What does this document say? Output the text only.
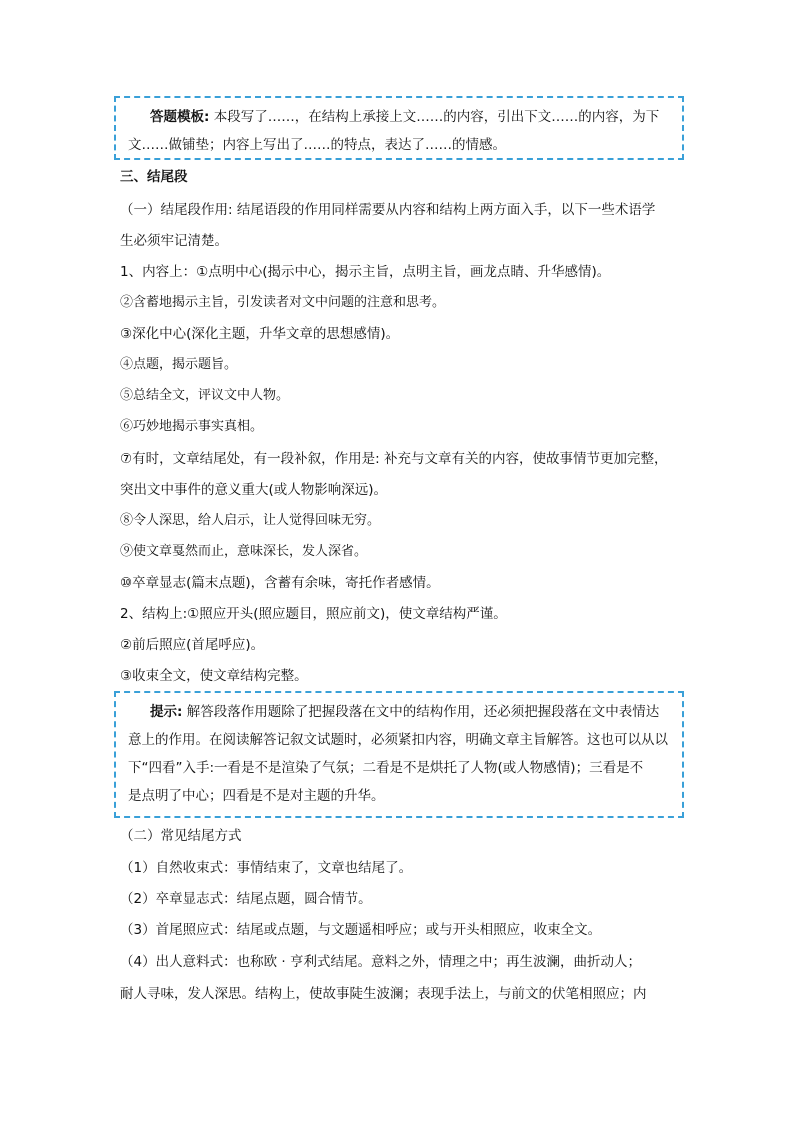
答题模板: 本段写了……，在结构上承接上文……的内容，引出下文……的内容，为下
文……做铺垫；内容上写出了……的特点，表达了……的情感。
三、结尾段
（一）结尾段作用: 结尾语段的作用同样需要从内容和结构上两方面入手，以下一些术语学
生必须牢记清楚。
1、内容上：①点明中心(揭示中心，揭示主旨，点明主旨，画龙点睛、升华感情)。
②含蓄地揭示主旨，引发读者对文中问题的注意和思考。
③深化中心(深化主题，升华文章的思想感情)。
④点题，揭示题旨。
⑤总结全文，评议文中人物。
⑥巧妙地揭示事实真相。
⑦有时，文章结尾处，有一段补叙，作用是: 补充与文章有关的内容，使故事情节更加完整，
突出文中事件的意义重大(或人物影响深远)。
⑧令人深思，给人启示，让人觉得回味无穷。
⑨使文章戛然而止，意味深长，发人深省。
⑩卒章显志(篇末点题)，含蓄有余味，寄托作者感情。
2、结构上:①照应开头(照应题目，照应前文)，使文章结构严谨。
②前后照应(首尾呼应)。
③收束全文，使文章结构完整。
提示: 解答段落作用题除了把握段落在文中的结构作用，还必须把握段落在文中表情达
意上的作用。在阅读解答记叙文试题时，必须紧扣内容，明确文章主旨解答。这也可以从以
下“四看”入手:一看是不是渲染了气氛；二看是不是烘托了人物(或人物感情)；三看是不
是点明了中心；四看是不是对主题的升华。
（二）常见结尾方式
（1）自然收束式：事情结束了，文章也结尾了。
（2）卒章显志式：结尾点题，圆合情节。
（3）首尾照应式：结尾或点题，与文题遥相呼应；或与开头相照应，收束全文。
（4）出人意料式：也称欧 · 亨利式结尾。意料之外，情理之中；再生波澜，曲折动人；
耐人寻味，发人深思。结构上，使故事陡生波澜；表现手法上，与前文的伏笔相照应；内
